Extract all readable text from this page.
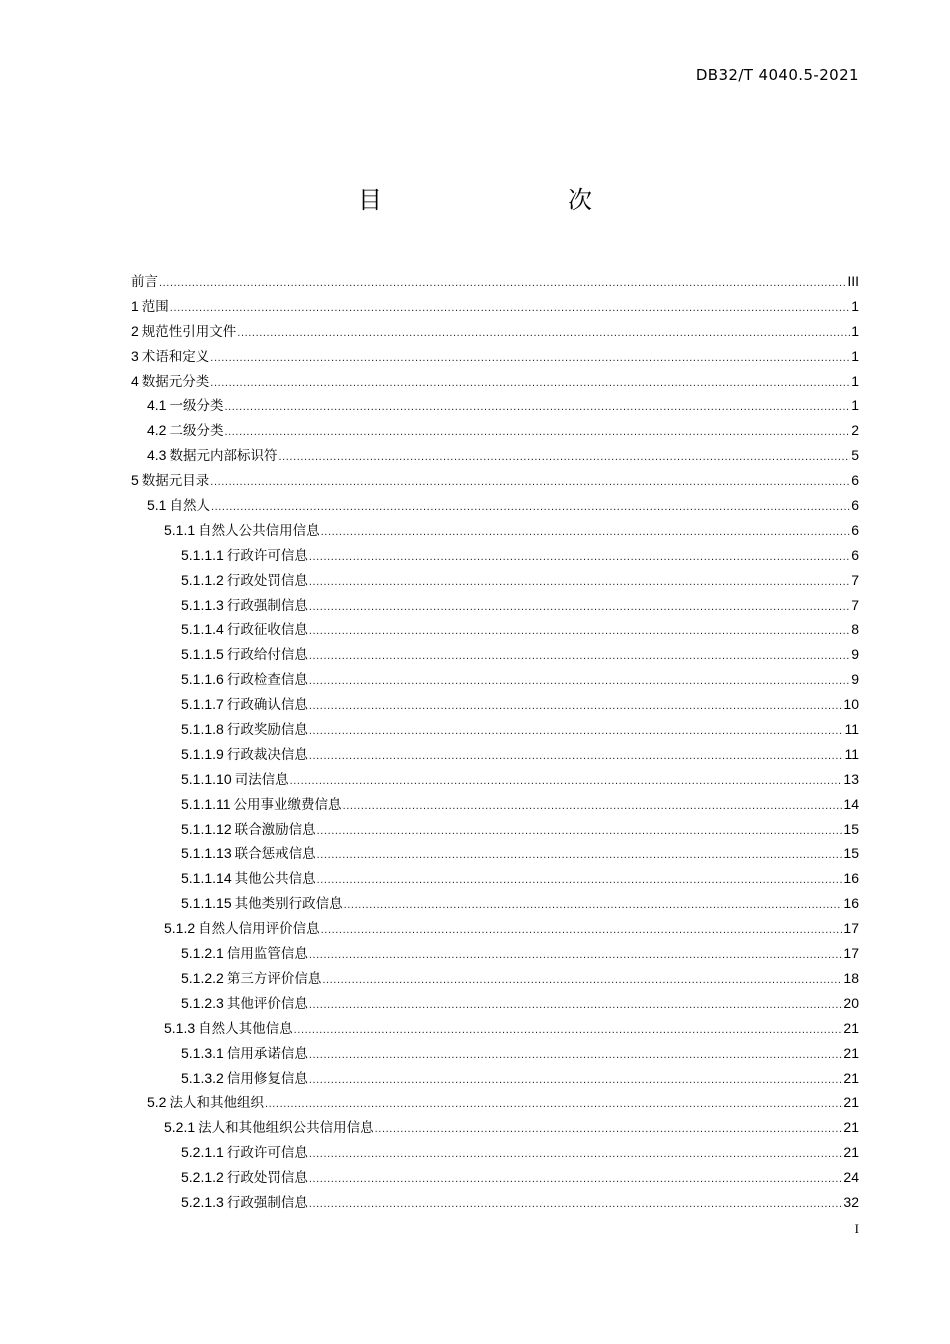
DB32/T 4040.5-2021
目　　次
前言 .....	III
1 范围 .....	1
2 规范性引用文件 .....	1
3 术语和定义 .....	1
4 数据元分类 .....	1
4.1 一级分类 .....	1
4.2 二级分类 .....	2
4.3 数据元内部标识符 .....	5
5 数据元目录 .....	6
5.1 自然人 .....	6
5.1.1 自然人公共信用信息 .....	6
5.1.1.1 行政许可信息 .....	6
5.1.1.2 行政处罚信息 .....	7
5.1.1.3 行政强制信息 .....	7
5.1.1.4 行政征收信息 .....	8
5.1.1.5 行政给付信息 .....	9
5.1.1.6 行政检查信息 .....	9
5.1.1.7 行政确认信息 .....	10
5.1.1.8 行政奖励信息 .....	11
5.1.1.9 行政裁决信息 .....	11
5.1.1.10 司法信息 .....	13
5.1.1.11 公用事业缴费信息 .....	14
5.1.1.12 联合激励信息 .....	15
5.1.1.13 联合惩戒信息 .....	15
5.1.1.14 其他公共信息 .....	16
5.1.1.15 其他类别行政信息 .....	16
5.1.2 自然人信用评价信息 .....	17
5.1.2.1 信用监管信息 .....	17
5.1.2.2 第三方评价信息 .....	18
5.1.2.3 其他评价信息 .....	20
5.1.3 自然人其他信息 .....	21
5.1.3.1 信用承诺信息 .....	21
5.1.3.2 信用修复信息 .....	21
5.2 法人和其他组织 .....	21
5.2.1 法人和其他组织公共信用信息 .....	21
5.2.1.1 行政许可信息 .....	21
5.2.1.2 行政处罚信息 .....	24
5.2.1.3 行政强制信息 .....	32
I
